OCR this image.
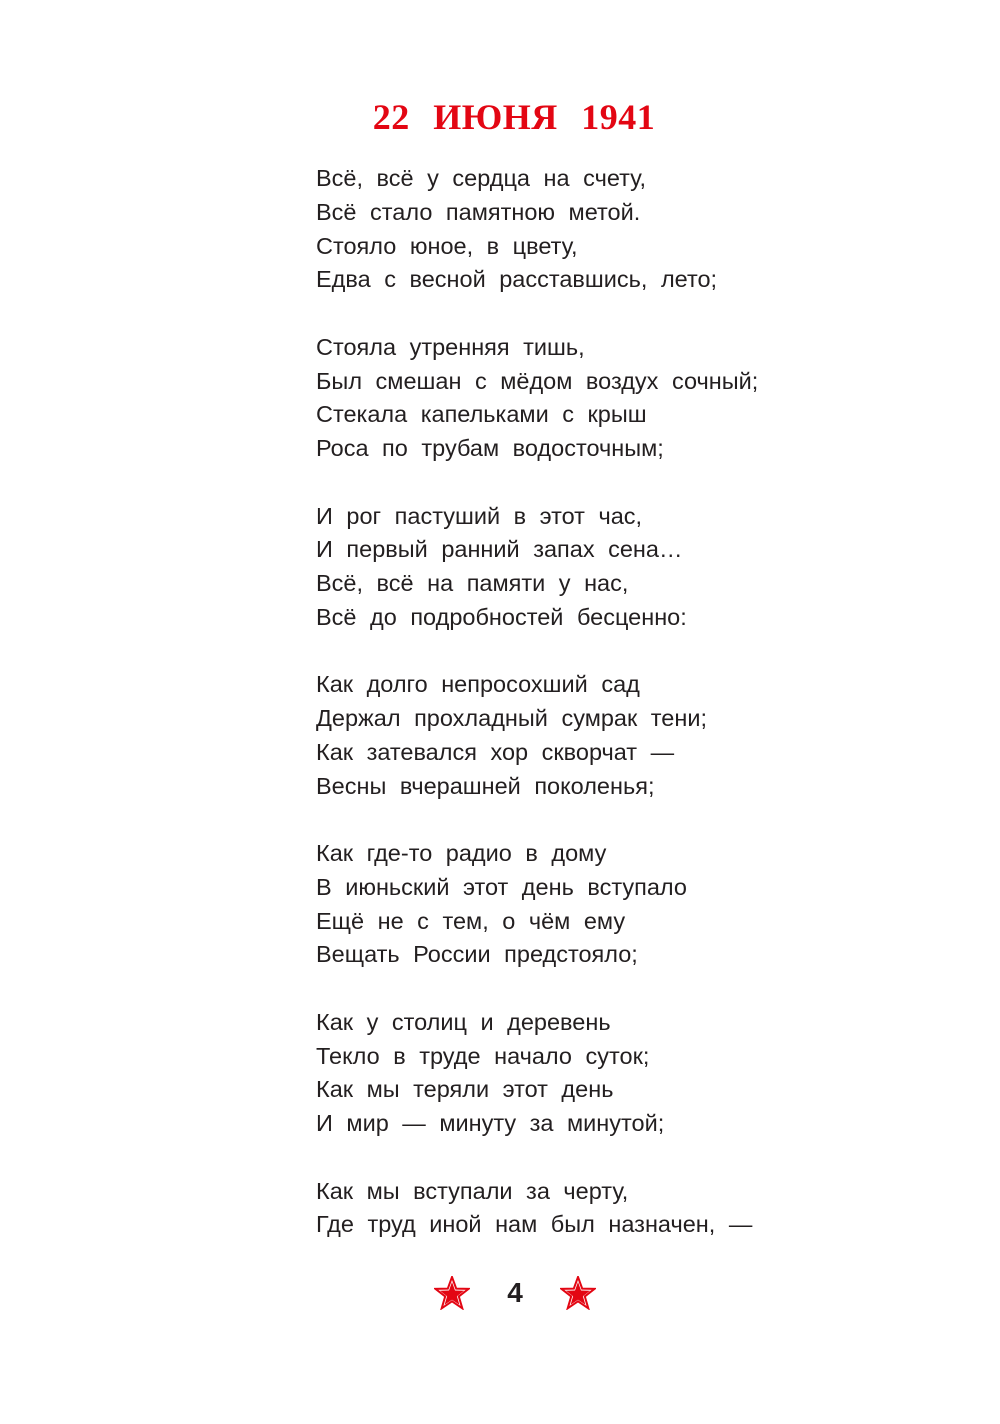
22 ИЮНЯ 1941
Всё, всё у сердца на счету,
Всё стало памятною метой.
Стояло юное, в цвету,
Едва с весной расставшись, лето;
Стояла утренняя тишь,
Был смешан с мёдом воздух сочный;
Стекала капельками с крыш
Роса по трубам водосточным;
И рог пастуший в этот час,
И первый ранний запах сена…
Всё, всё на памяти у нас,
Всё до подробностей бесценно:
Как долго непросохший сад
Держал прохладный сумрак тени;
Как затевался хор скворчат —
Весны вчерашней поколенья;
Как где-то радио в дому
В июньский этот день вступало
Ещё не с тем, о чём ему
Вещать России предстояло;
Как у столиц и деревень
Текло в труде начало суток;
Как мы теряли этот день
И мир — минуту за минутой;
Как мы вступали за черту,
Где труд иной нам был назначен, —
4
